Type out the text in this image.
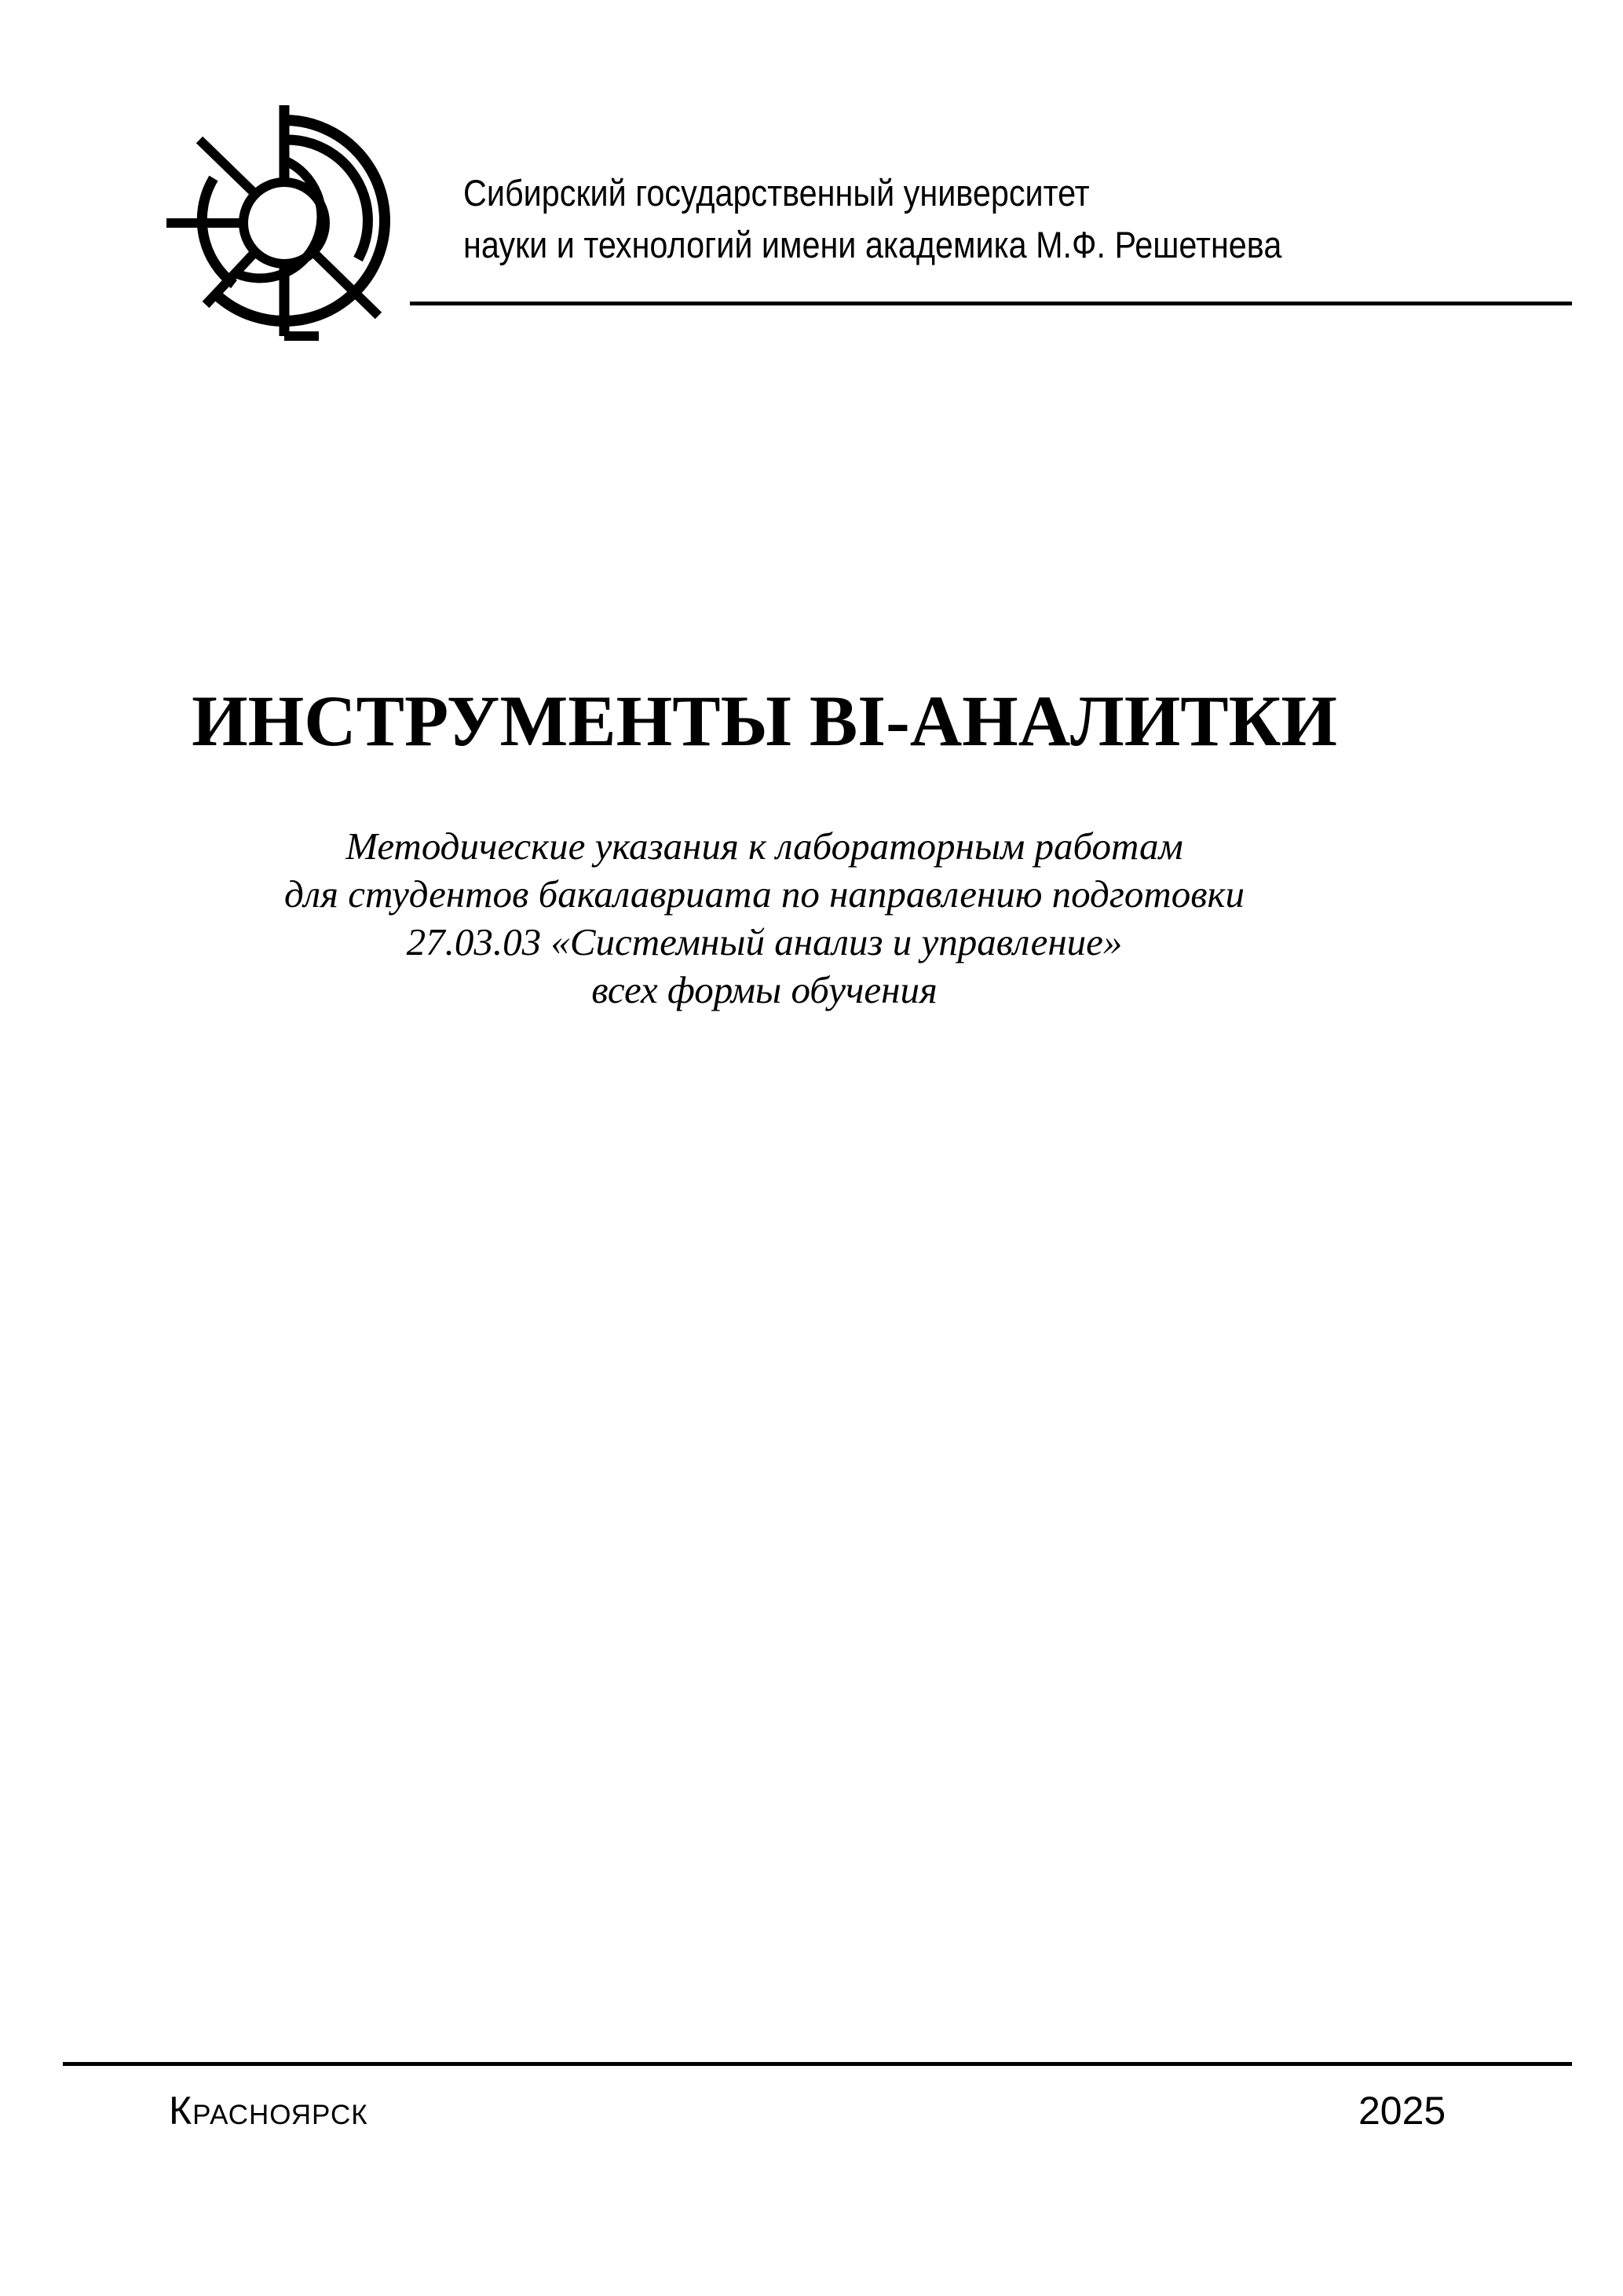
Сибирский государственный университет
науки и технологий имени академика М.Ф. Решетнева
ИНСТРУМЕНТЫ BI-АНАЛИТКИ
Методические указания к лабораторным работам
для студентов бакалавриата по направлению подготовки
27.03.03 «Системный анализ и управление»
всех формы обучения
Красноярск	2025
